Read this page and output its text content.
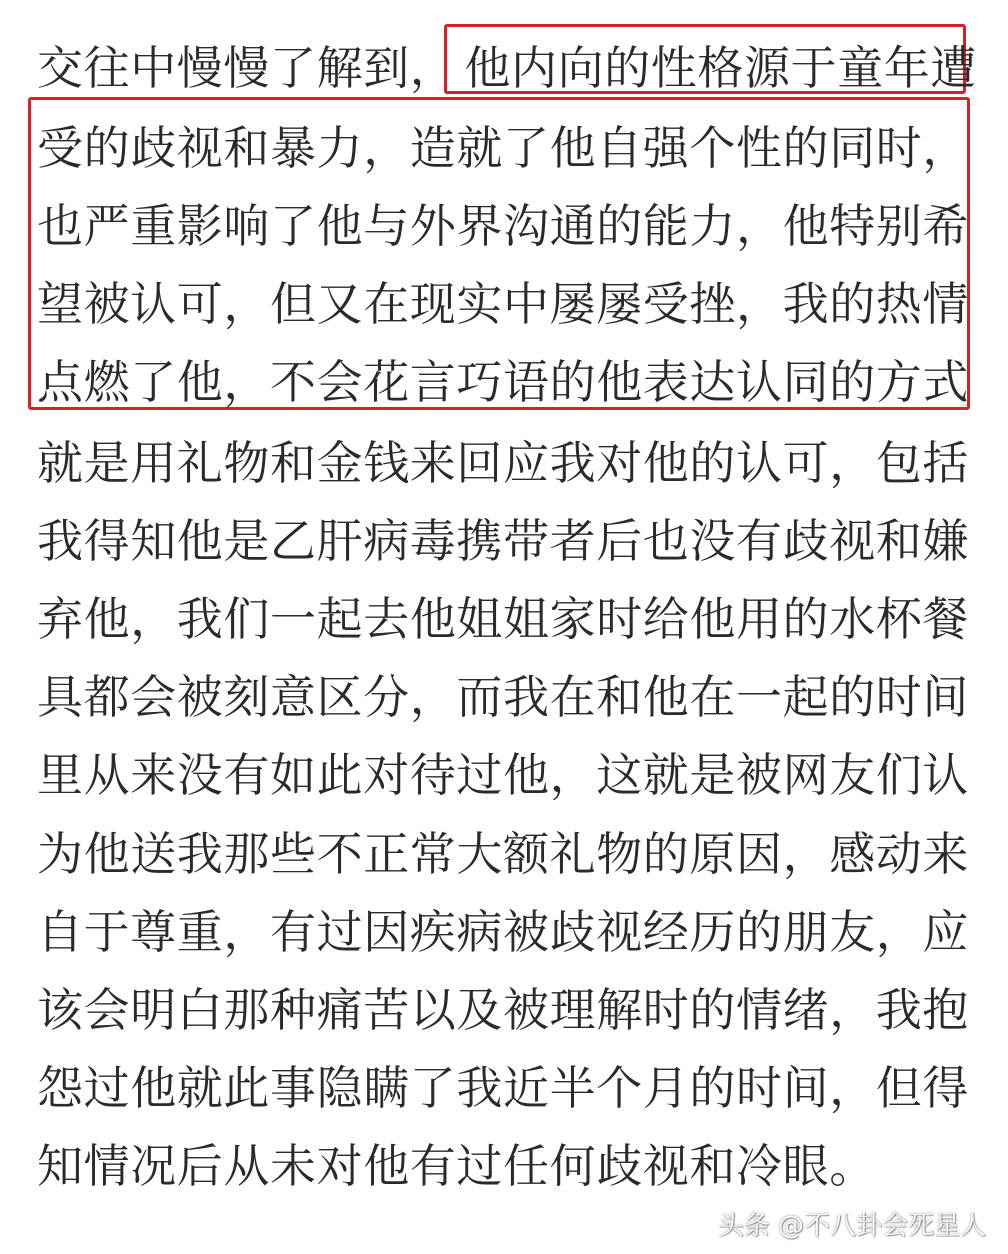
交往中慢慢了解到， 他内向的性格源于童年遭
受的歧视和暴力，造就了他自强个性的同时，
也严重影响了他与外界沟通的能力，他特别希
望被认可，但又在现实中屡屡受挫，我的热情
点燃了他，不会花言巧语的他表达认同的方式
就是用礼物和金钱来回应我对他的认可，包括
我得知他是乙肝病毒携带者后也没有歧视和嫌
弃他，我们一起去他姐姐家时给他用的水杯餐
具都会被刻意区分，而我在和他在一起的时间
里从来没有如此对待过他，这就是被网友们认
为他送我那些不正常大额礼物的原因，感动来
自于尊重，有过因疾病被歧视经历的朋友，应
该会明白那种痛苦以及被理解时的情绪，我抱
怨过他就此事隐瞒了我近半个月的时间，但得
知情况后从未对他有过任何歧视和冷眼。
头条 @不八卦会死星人
